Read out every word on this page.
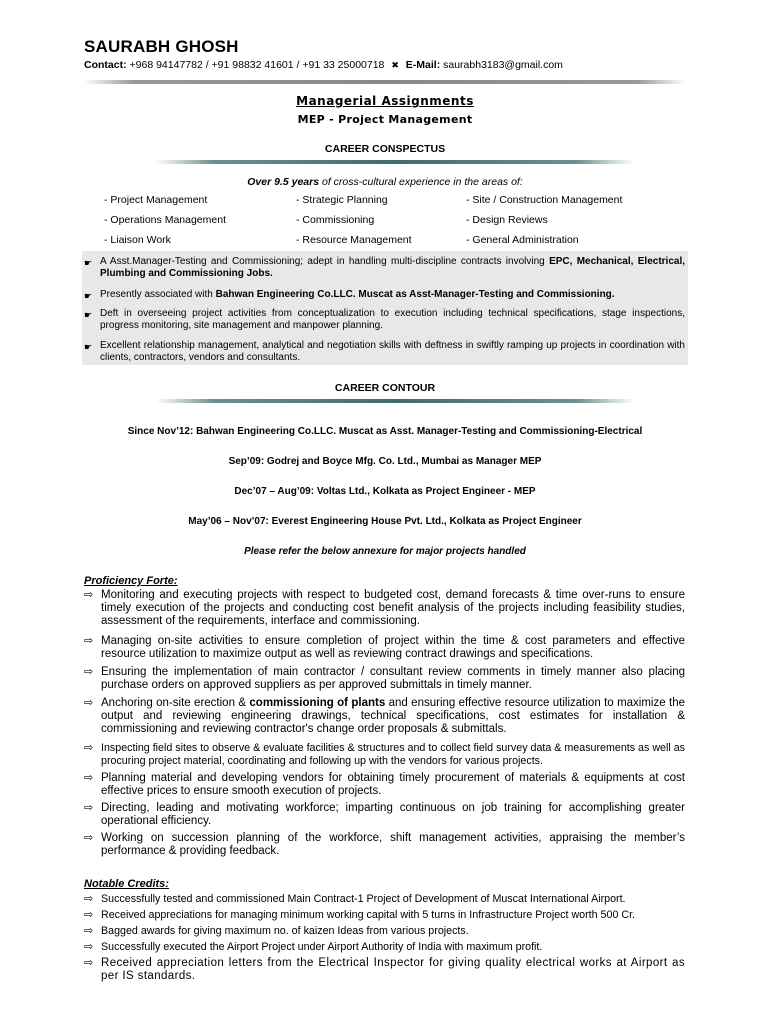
SAURABH GHOSH
Contact: +968 94147782 / +91 98832 41601 / +91 33 25000718 ✖ E-Mail: saurabh3183@gmail.com
Managerial Assignments
MEP - Project Management
CAREER CONSPECTUS
Over 9.5 years of cross-cultural experience in the areas of:
- Project Management	- Strategic Planning	- Site / Construction Management
- Operations Management	- Commissioning	- Design Reviews
- Liaison Work	- Resource Management	- General Administration
☛ A Asst.Manager-Testing and Commissioning; adept in handling multi-discipline contracts involving EPC, Mechanical, Electrical, Plumbing and Commissioning Jobs.
☛ Presently associated with Bahwan Engineering Co.LLC. Muscat as Asst-Manager-Testing and Commissioning.
☛ Deft in overseeing project activities from conceptualization to execution including technical specifications, stage inspections, progress monitoring, site management and manpower planning.
☛ Excellent relationship management, analytical and negotiation skills with deftness in swiftly ramping up projects in coordination with clients, contractors, vendors and consultants.
CAREER CONTOUR
Since Nov’12: Bahwan Engineering Co.LLC. Muscat as Asst. Manager-Testing and Commissioning-Electrical
Sep’09: Godrej and Boyce Mfg. Co. Ltd., Mumbai as Manager MEP
Dec’07 – Aug’09: Voltas Ltd., Kolkata as Project Engineer - MEP
May’06 – Nov’07: Everest Engineering House Pvt. Ltd., Kolkata as Project Engineer
Please refer the below annexure for major projects handled
Proficiency Forte:
⇨ Monitoring and executing projects with respect to budgeted cost, demand forecasts & time over-runs to ensure timely execution of the projects and conducting cost benefit analysis of the projects including feasibility studies, assessment of the requirements, interface and commissioning.
⇨ Managing on-site activities to ensure completion of project within the time & cost parameters and effective resource utilization to maximize output as well as reviewing contract drawings and specifications.
⇨ Ensuring the implementation of main contractor / consultant review comments in timely manner also placing purchase orders on approved suppliers as per approved submittals in timely manner.
⇨ Anchoring on-site erection & commissioning of plants and ensuring effective resource utilization to maximize the output and reviewing engineering drawings, technical specifications, cost estimates for installation & commissioning and reviewing contractor's change order proposals & submittals.
⇨ Inspecting field sites to observe & evaluate facilities & structures and to collect field survey data & measurements as well as procuring project material, coordinating and following up with the vendors for various projects.
⇨ Planning material and developing vendors for obtaining timely procurement of materials & equipments at cost effective prices to ensure smooth execution of projects.
⇨ Directing, leading and motivating workforce; imparting continuous on job training for accomplishing greater operational efficiency.
⇨ Working on succession planning of the workforce, shift management activities, appraising the member’s performance & providing feedback.
Notable Credits:
⇨ Successfully tested and commissioned Main Contract-1 Project of Development of Muscat International Airport.
⇨ Received appreciations for managing minimum working capital with 5 turns in Infrastructure Project worth 500 Cr.
⇨ Bagged awards for giving maximum no. of kaizen Ideas from various projects.
⇨ Successfully executed the Airport Project under Airport Authority of India with maximum profit.
⇨ Received appreciation letters from the Electrical Inspector for giving quality electrical works at Airport as per IS standards.
